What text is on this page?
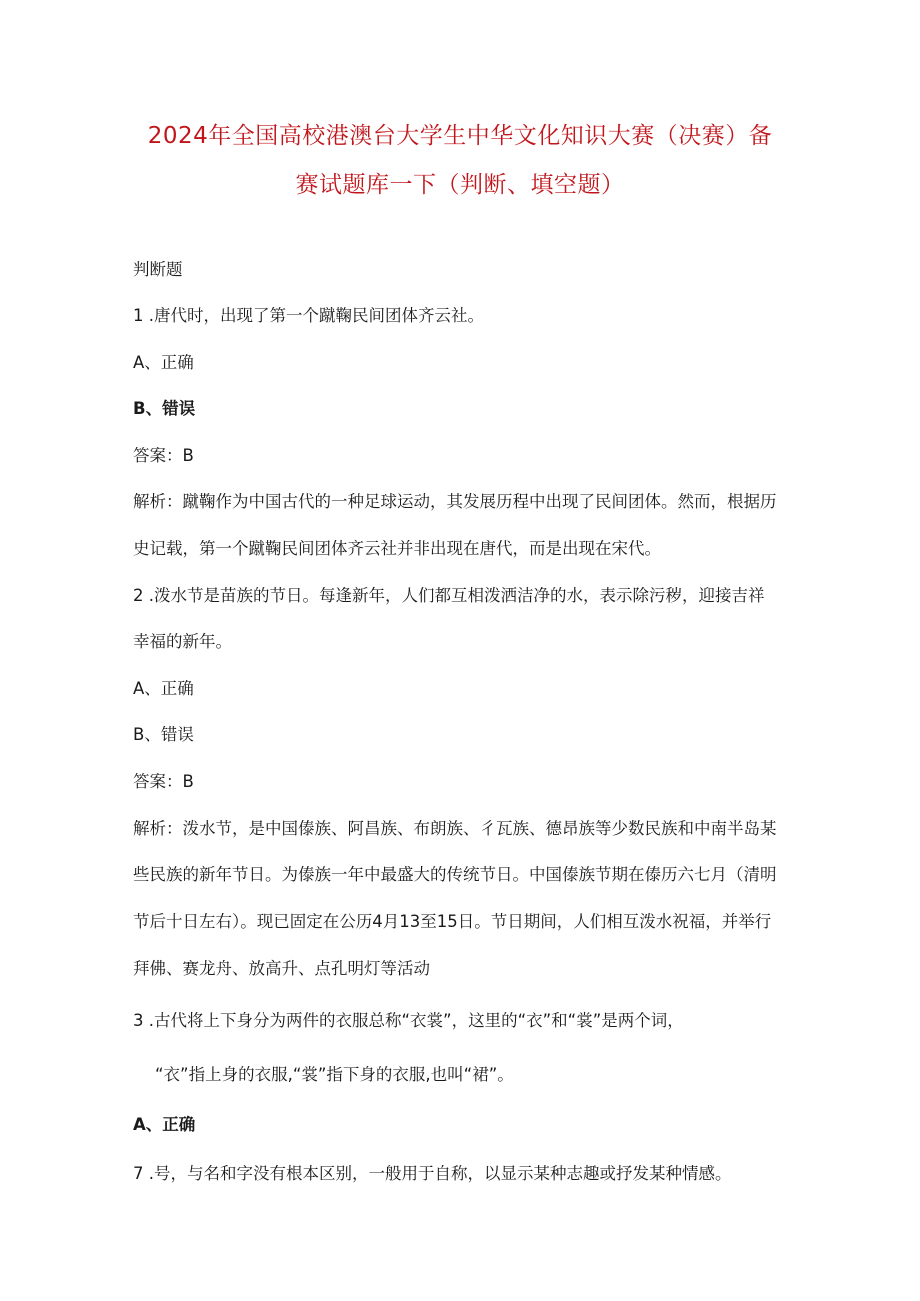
2024年全国高校港澳台大学生中华文化知识大赛（决赛）备
赛试题库一下（判断、填空题）
判断题
1 .唐代时，出现了第一个蹴鞠民间团体齐云社。
A、正确
B、错误
答案：B
解析：蹴鞠作为中国古代的一种足球运动，其发展历程中出现了民间团体。然而，根据历
史记载，第一个蹴鞠民间团体齐云社并非出现在唐代，而是出现在宋代。
2 .泼水节是苗族的节日。每逢新年，人们都互相泼洒洁净的水，表示除污秽，迎接吉祥
幸福的新年。
A、正确
B、错误
答案：B
解析：泼水节，是中国傣族、阿昌族、布朗族、彳瓦族、德昂族等少数民族和中南半岛某
些民族的新年节日。为傣族一年中最盛大的传统节日。中国傣族节期在傣历六七月（清明
节后十日左右）。现已固定在公历4月13至15日。节日期间，人们相互泼水祝福，并举行
拜佛、赛龙舟、放高升、点孔明灯等活动
3 .古代将上下身分为两件的衣服总称“衣裳”，这里的“衣”和“裳”是两个词，
“衣”指上身的衣服,“裳”指下身的衣服,也叫“裙”。
A、正确
7 .号，与名和字没有根本区别，一般用于自称，以显示某种志趣或抒发某种情感。
